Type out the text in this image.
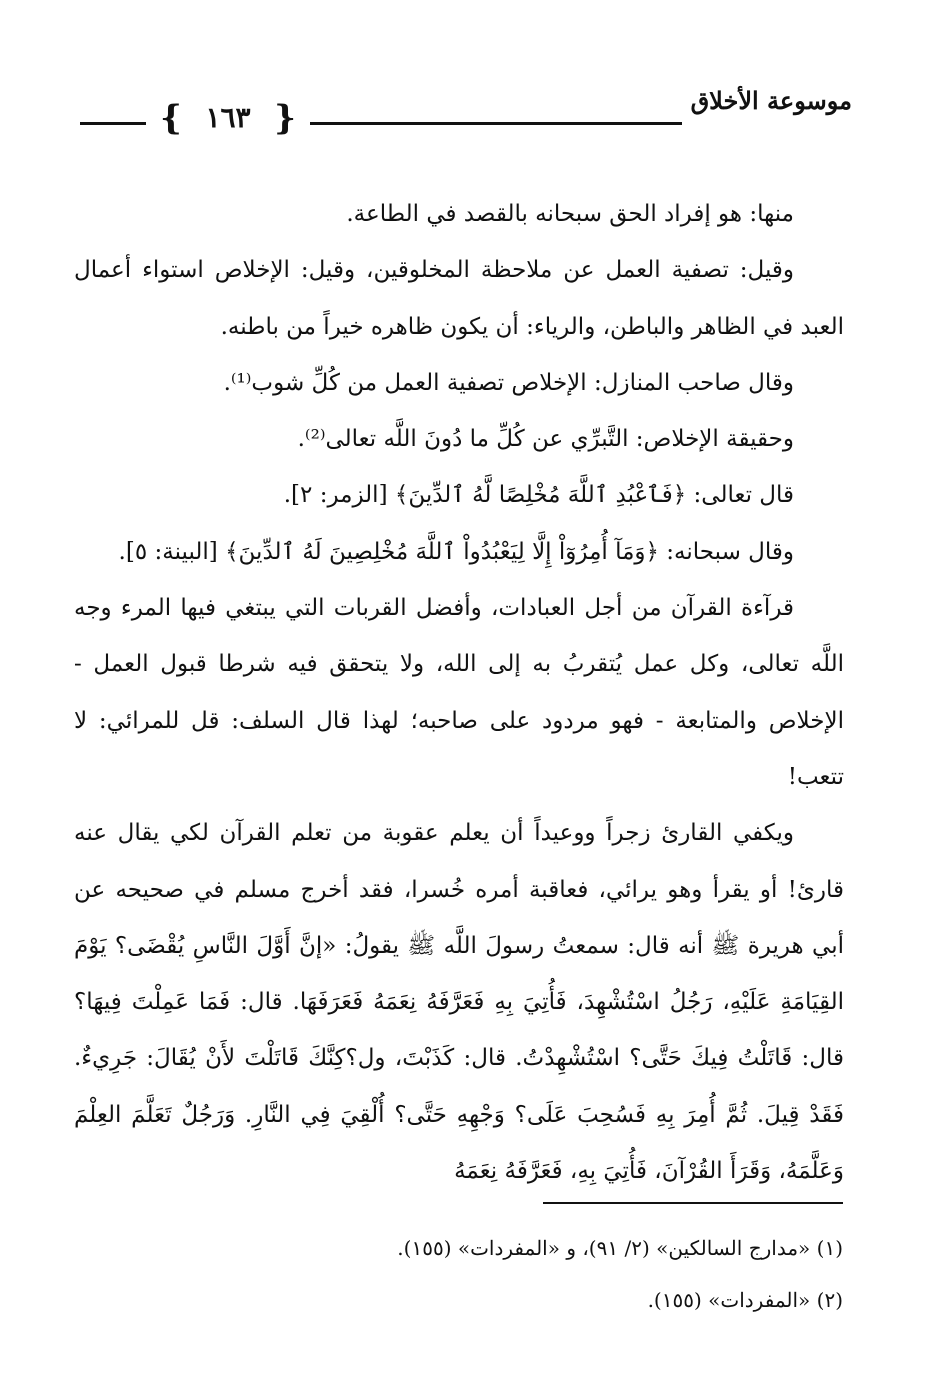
موسوعة الأخلاق
{ ١٦٣ }

منها: هو إفراد الحق سبحانه بالقصد في الطاعة.

وقيل: تصفية العمل عن ملاحظة المخلوقين، وقيل: الإخلاص استواء أعمال العبد في الظاهر والباطن، والرياء: أن يكون ظاهره خيراً من باطنه.

وقال صاحب المنازل: الإخلاص تصفية العمل من كُلِّ شوب⁽¹⁾.

وحقيقة الإخلاص: التَّبرِّي عن كُلِّ ما دُونَ اللَّه تعالى⁽²⁾.

قال تعالى: ﴿فَٱعْبُدِ ٱللَّهَ مُخْلِصًا لَّهُ ٱلدِّينَ﴾ [الزمر: ٢].

وقال سبحانه: ﴿وَمَآ أُمِرُوٓاْ إِلَّا لِيَعْبُدُواْ ٱللَّهَ مُخْلِصِينَ لَهُ ٱلدِّينَ﴾ [البينة: ٥].

قرآءة القرآن من أجل العبادات، وأفضل القربات التي يبتغي فيها المرء وجه اللَّه تعالى، وكل عمل يُتقربُ به إلى الله، ولا يتحقق فيه شرطا قبول العمل - الإخلاص والمتابعة - فهو مردود على صاحبه؛ لهذا قال السلف: قل للمرائي: لا تتعب!

ويكفي القارئ زجراً ووعيداً أن يعلم عقوبة من تعلم القرآن لكي يقال عنه قارئ! أو يقرأ وهو يرائي، فعاقبة أمره خُسرا، فقد أخرج مسلم في صحيحه عن أبي هريرة ﷺ أنه قال: سمعتُ رسولَ اللَّه ﷺ يقولُ: «إنَّ أَوَّلَ النَّاسِ يُقْضَى؟ يَوْمَ القِيَامَةِ عَلَيْهِ، رَجُلُ اسْتُشْهِدَ، فَأُتِيَ بِهِ فَعَرَّفَهُ نِعَمَهُ فَعَرَفَهَا. قال: فَمَا عَمِلْتَ فِيهَا؟ قال: قَاتَلْتُ فِيكَ حَتَّى؟ اسْتُشْهِدْتُ. قال: كَذَبْتَ، ول؟كِنَّكَ قَاتَلْتَ لأَنْ يُقَالَ: جَرِيءٌ. فَقَدْ قِيلَ. ثُمَّ أُمِرَ بِهِ فَسُحِبَ عَلَى؟ وَجْهِهِ حَتَّى؟ أُلْقِيَ فِي النَّارِ. وَرَجُلٌ تَعَلَّمَ العِلْمَ وَعَلَّمَهُ، وَقَرَأَ القُرْآنَ، فَأُتِيَ بِهِ، فَعَرَّفَهُ نِعَمَهُ

(١) «مدارج السالكين» (٢/ ٩١)، و «المفردات» (١٥٥).

(٢) «المفردات» (١٥٥).
